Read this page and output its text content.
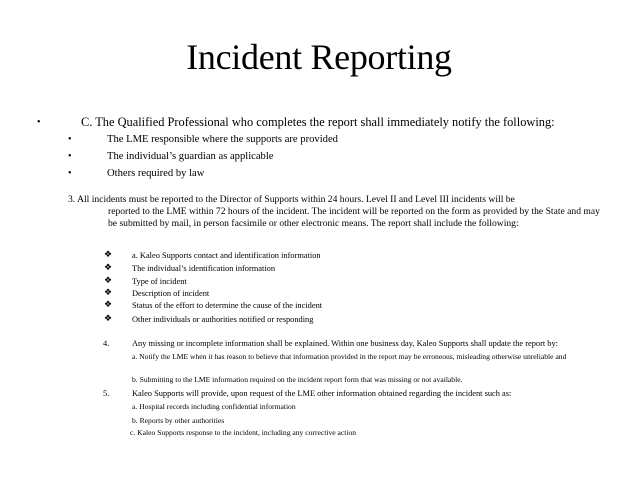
Incident Reporting
•	C. The Qualified Professional who completes the report shall immediately notify the following:
•	The LME responsible where the supports are provided
•	The individual’s guardian as applicable
•	Others required by law
3. All incidents must be reported to the Director of Supports within 24 hours. Level II and Level III incidents will be
reported to the LME within 72 hours of the incident. The incident will be reported on the form as provided by the State and may be submitted by mail, in person facsimile or other electronic means. The report shall include the following:
❖ a. Kaleo Supports contact and identification information
❖ The individual’s identification information
❖ Type of incident
❖ Description of incident
❖ Status of the effort to determine the cause of the incident
❖ Other individuals or authorities notified or responding
4.	Any missing or incomplete information shall be explained. Within one business day, Kaleo Supports shall update the report by:
a. Notify the LME when it has reason to believe that information provided in the report may be erroneous, misleading otherwise unreliable and
b. Submitting to the LME information required on the incident report form that was missing or not available.
5.	Kaleo Supports will provide, upon request of the LME other information obtained regarding the incident such as:
a. Hospital records including confidential information
b. Reports by other authorities
c. Kaleo Supports response to the incident, including any corrective action
